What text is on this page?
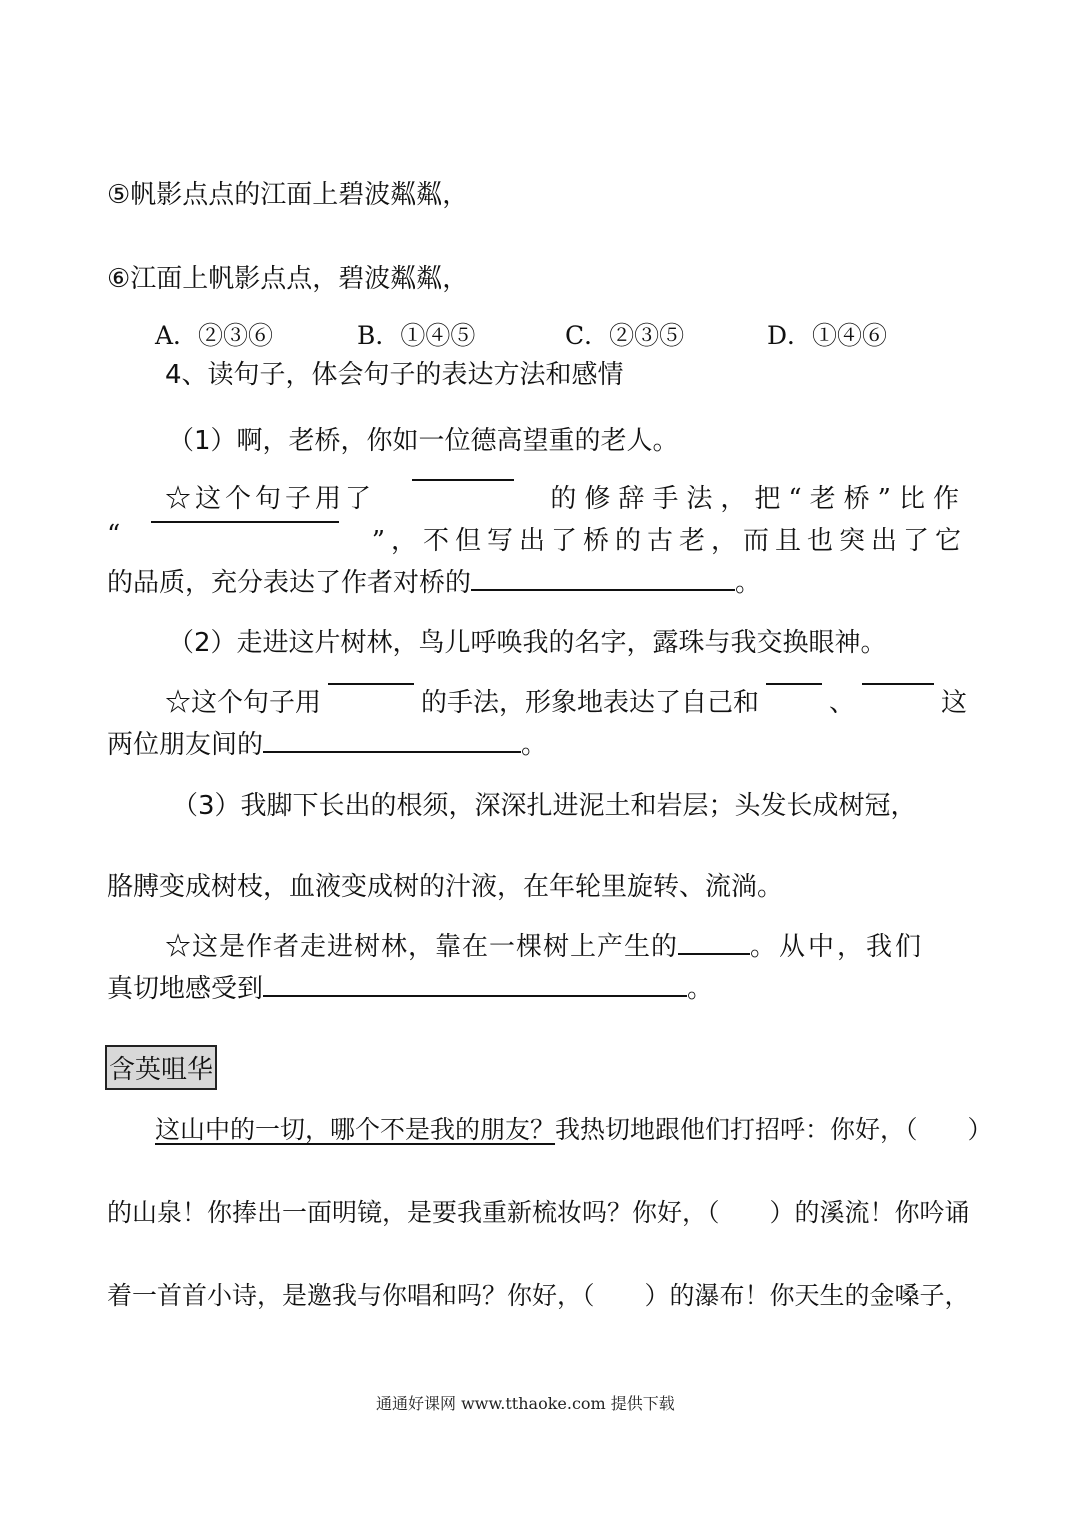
⑤帆影点点的江面上碧波粼粼，
⑥江面上帆影点点，碧波粼粼，
A．②③⑥	B．①④⑤	C．②③⑤	D．①④⑥
4、读句子，体会句子的表达方法和感情
（1）啊，老桥，你如一位德高望重的老人。
☆这个句子用了	的修辞手法，把“老桥”比作
“	”，不但写出了桥的古老，而且也突出了它
的品质，充分表达了作者对桥的	。
（2）走进这片树林，鸟儿呼唤我的名字，露珠与我交换眼神。
☆这个句子用	的手法，形象地表达了自己和	、	这
两位朋友间的	。
（3）我脚下长出的根须，深深扎进泥土和岩层；头发长成树冠，
胳膊变成树枝，血液变成树的汁液，在年轮里旋转、流淌。
☆这是作者走进树林，靠在一棵树上产生的	。从中，我们
真切地感受到	。
含英咀华
这山中的一切，哪个不是我的朋友？我热切地跟他们打招呼：你好，（　　）
的山泉！你捧出一面明镜，是要我重新梳妆吗？你好，（　　）的溪流！你吟诵
着一首首小诗，是邀我与你唱和吗？你好，（　　）的瀑布！你天生的金嗓子，
通通好课网 www.tthaoke.com 提供下载
